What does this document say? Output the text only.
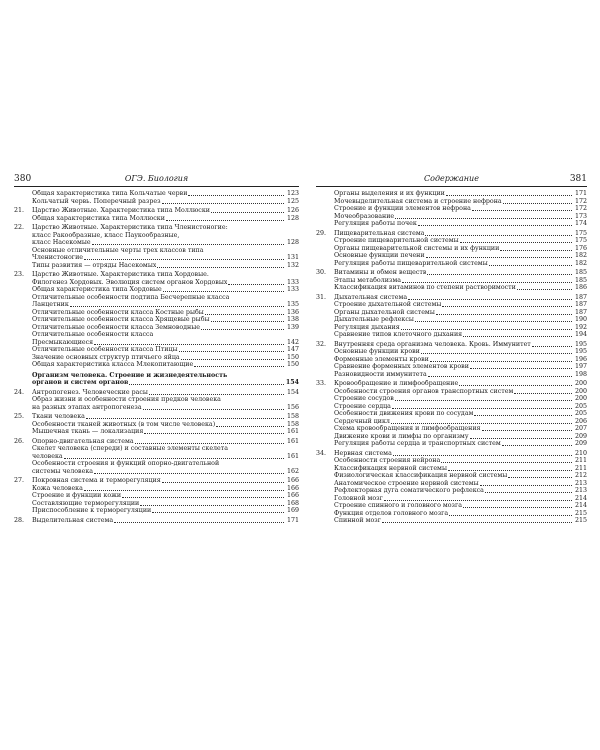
380	ОГЭ. Биология
Общая характеристика типа Кольчатые черви	123
Кольчатый червь. Поперечный разрез	125
21.	Царство Животные. Характеристика типа Моллюски	126
Общая характеристика типа Моллюски	128
22.	Царство Животные. Характеристика типа Членистоногие:
класс Ракообразные, класс Паукообразные,
класс Насекомые	128
Основные отличительные черты трех классов типа
Членистоногие	131
Типы развития — отряды Насекомых	132
23.	Царство Животные. Характеристика типа Хордовые.
Филогенез Хордовых. Эволюция систем органов Хордовых	133
Общая характеристика типа Хордовые	133
Отличительные особенности подтипа Бесчерепные класса
Ланцетник	135
Отличительные особенности класса Костные рыбы	136
Отличительные особенности класса Хрящевые рыбы	138
Отличительные особенности класса Земноводные	139
Отличительные особенности класса
Пресмыкающиеся	142
Отличительные особенности класса Птицы	147
Значение основных структур птичьего яйца	150
Общая характеристика класса Млекопитающие	150
Организм человека. Строение и жизнедеятельность
органов и систем органов	154
24.	Антропогенез. Человеческие расы	154
Образ жизни и особенности строения предков человека
на разных этапах антропогенеза	156
25.	Ткани человека	158
Особенности тканей животных (в том числе человека)	158
Мышечная ткань — локализация	161
26.	Опорно-двигательная система	161
Скелет человека (спереди) и составные элементы скелета
человека	161
Особенности строения и функций опорно-двигательной
системы человека	162
27.	Покровная система и терморегуляция	166
Кожа человека	166
Строение и функции кожи	166
Составляющие терморегуляции	168
Приспособление к терморегуляции	169
28.	Выделительная система	171
Содержание	381
Органы выделения и их функции	171
Мочевыделительная система и строение нефрона	172
Строение и функции элементов нефрона	172
Мочеобразование	173
Регуляция работы почек	174
29.	Пищеварительная система	175
Строение пищеварительной системы	175
Органы пищеварительной системы и их функции	176
Основные функции печени	182
Регуляция работы пищеварительной системы	182
30.	Витамины и обмен веществ	185
Этапы метаболизма	185
Классификация витаминов по степени растворимости	186
31.	Дыхательная система	187
Строение дыхательной системы	187
Органы дыхательной системы	187
Дыхательные рефлексы	190
Регуляция дыхания	192
Сравнение типов клеточного дыхания	194
32.	Внутренняя среда организма человека. Кровь. Иммунитет	195
Основные функции крови	195
Форменные элементы крови	196
Сравнение форменных элементов крови	197
Разновидности иммунитета	198
33.	Кровообращение и лимфообращение	200
Особенности строения органов транспортных систем	200
Строение сосудов	200
Строение сердца	205
Особенности движения крови по сосудам	205
Сердечный цикл	206
Схема кровообращения и лимфообращения	207
Движение крови и лимфы по организму	209
Регуляция работы сердца и транспортных систем	209
34.	Нервная система	210
Особенности строения нейрона	211
Классификация нервной системы	211
Физиологическая классификация нервной системы	212
Анатомическое строение нервной системы	213
Рефлекторная дуга соматического рефлекса	213
Головной мозг	214
Строение спинного и головного мозга	214
Функция отделов головного мозга	215
Спинной мозг	215
